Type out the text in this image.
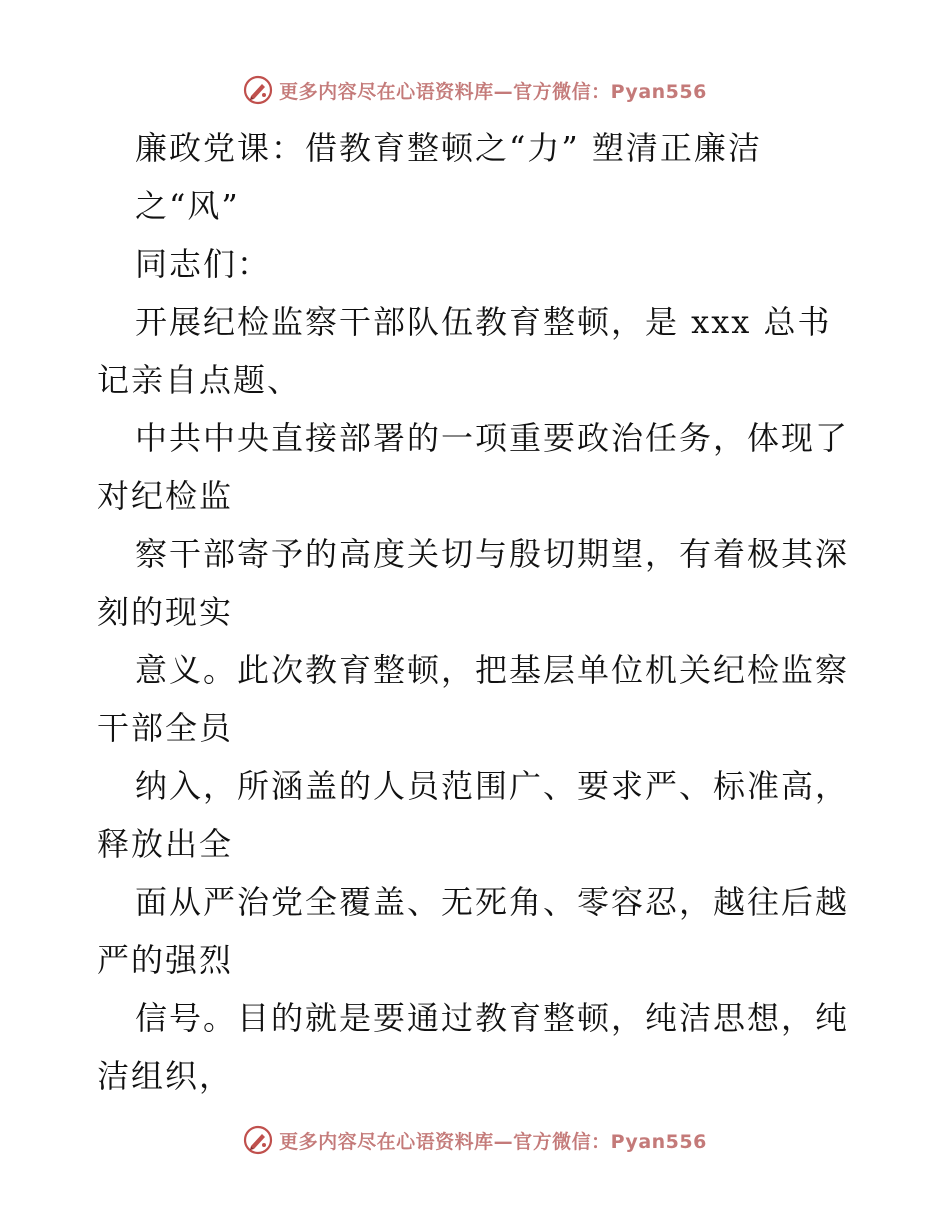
更多内容尽在心语资料库—官方微信：Pyan556
廉政党课：借教育整顿之“力” 塑清正廉洁
之“风”
同志们：
开展纪检监察干部队伍教育整顿，是 xxx 总书
记亲自点题、
中共中央直接部署的一项重要政治任务，体现了
对纪检监
察干部寄予的高度关切与殷切期望，有着极其深
刻的现实
意义。此次教育整顿，把基层单位机关纪检监察
干部全员
纳入，所涵盖的人员范围广、要求严、标准高，
释放出全
面从严治党全覆盖、无死角、零容忍，越往后越
严的强烈
信号。目的就是要通过教育整顿，纯洁思想，纯
洁组织，
更多内容尽在心语资料库—官方微信：Pyan556
